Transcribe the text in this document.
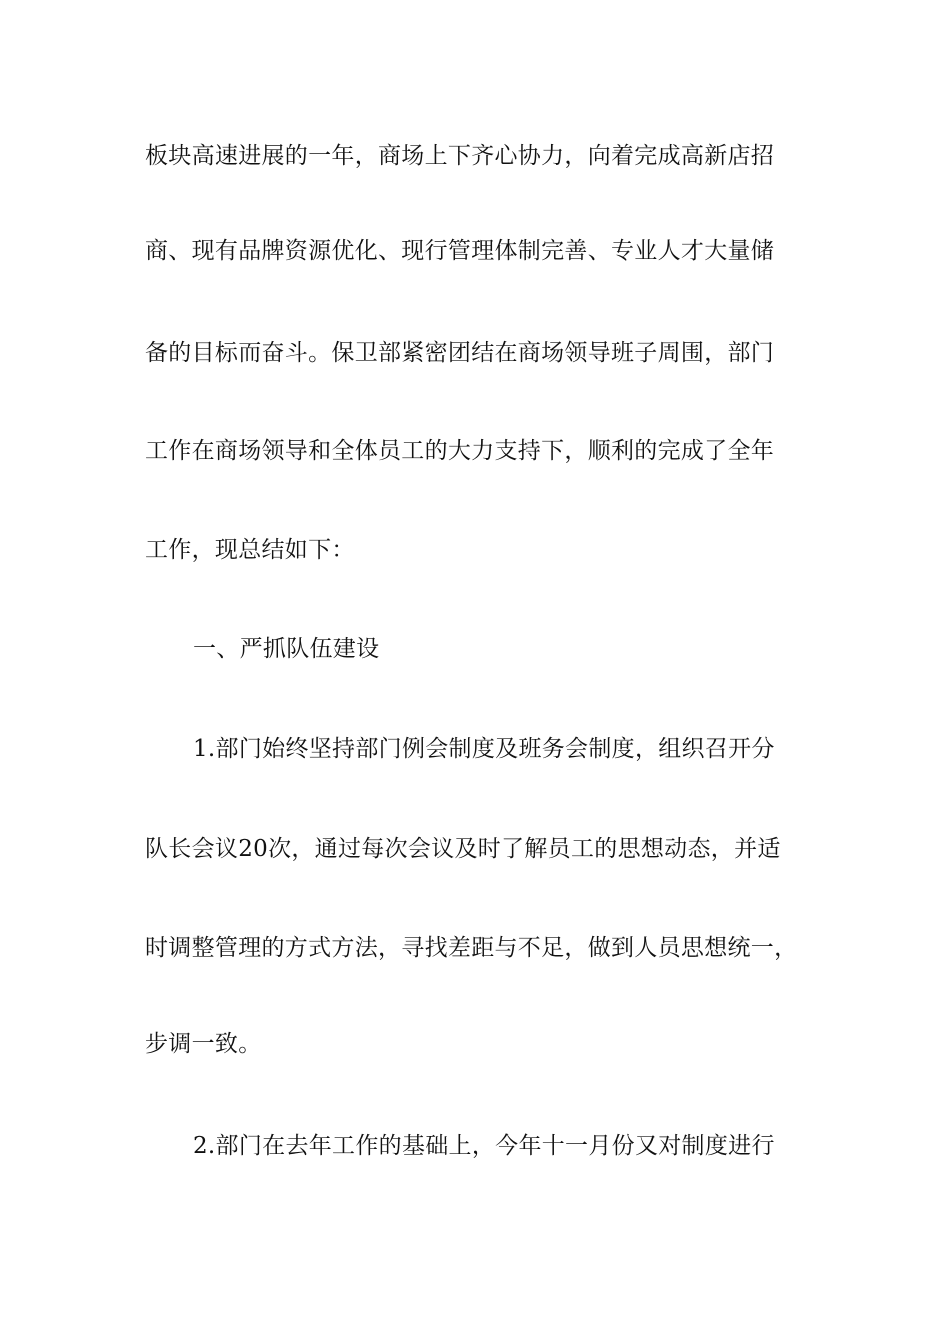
板块高速进展的一年，商场上下齐心协力，向着完成高新店招
商、现有品牌资源优化、现行管理体制完善、专业人才大量储
备的目标而奋斗。保卫部紧密团结在商场领导班子周围，部门
工作在商场领导和全体员工的大力支持下，顺利的完成了全年
工作，现总结如下：
一、严抓队伍建设
1.部门始终坚持部门例会制度及班务会制度，组织召开分
队长会议20次，通过每次会议及时了解员工的思想动态，并适
时调整管理的方式方法，寻找差距与不足，做到人员思想统一，
步调一致。
2.部门在去年工作的基础上，今年十一月份又对制度进行
